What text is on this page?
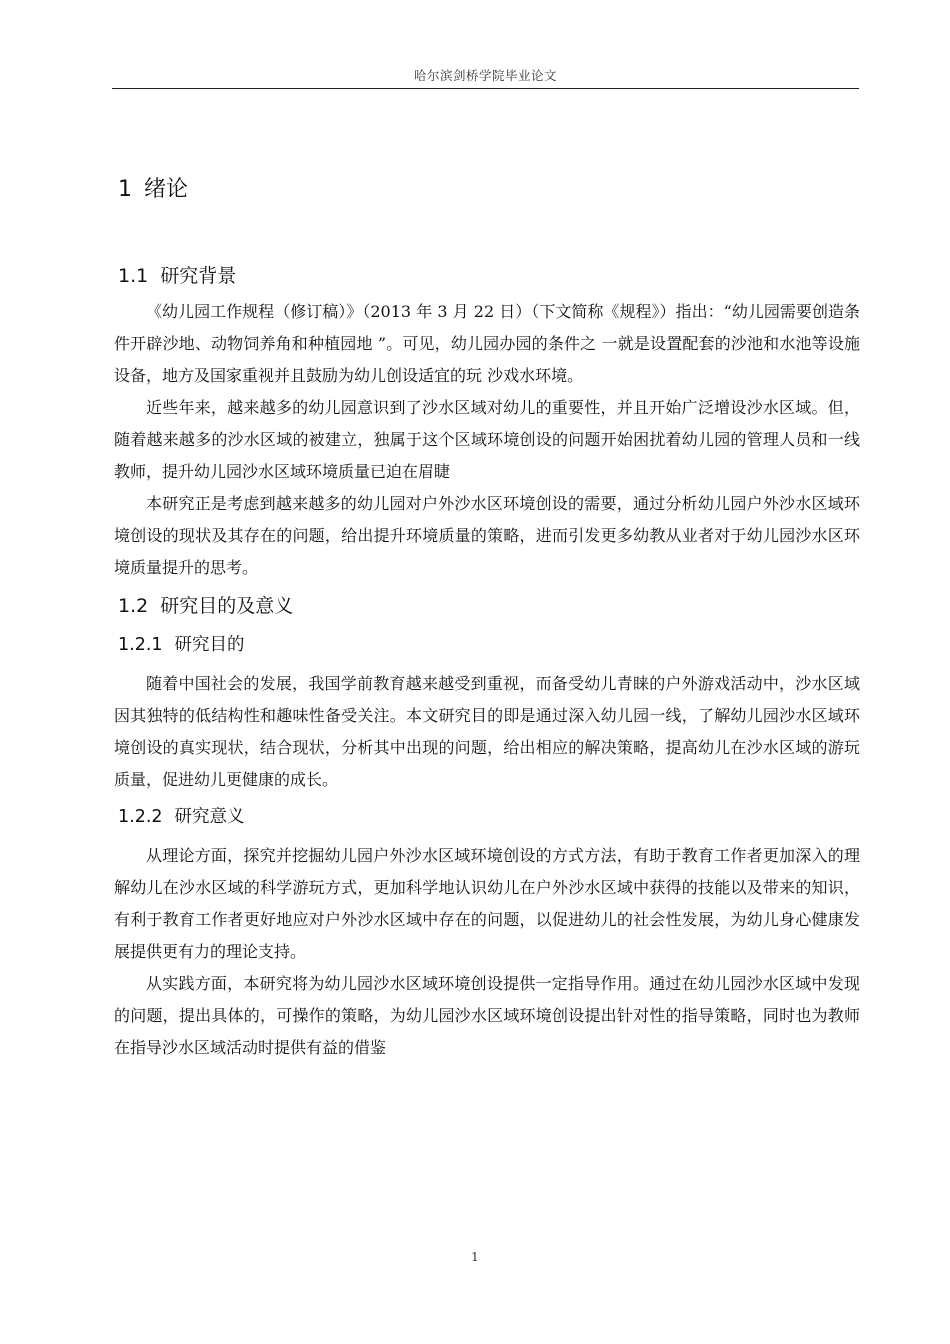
哈尔滨剑桥学院毕业论文
1 绪论
1.1 研究背景

《幼儿园工作规程（修订稿）》（2013 年 3 月 22 日）（下文简称《规程》）指出：“幼儿园需要创造条件开辟沙地、动物饲养角和种植园地 ”。可见，幼儿园办园的条件之 一就是设置配套的沙池和水池等设施设备，地方及国家重视并且鼓励为幼儿创设适宜的玩 沙戏水环境。

近些年来，越来越多的幼儿园意识到了沙水区域对幼儿的重要性，并且开始广泛增设沙水区域。但，随着越来越多的沙水区域的被建立，独属于这个区域环境创设的问题开始困扰着幼儿园的管理人员和一线教师，提升幼儿园沙水区域环境质量已迫在眉睫

本研究正是考虑到越来越多的幼儿园对户外沙水区环境创设的需要，通过分析幼儿园户外沙水区域环境创设的现状及其存在的问题，给出提升环境质量的策略，进而引发更多幼教从业者对于幼儿园沙水区环境质量提升的思考。

1.2 研究目的及意义
1.2.1 研究目的

随着中国社会的发展，我国学前教育越来越受到重视，而备受幼儿青睐的户外游戏活动中，沙水区域因其独特的低结构性和趣味性备受关注。本文研究目的即是通过深入幼儿园一线，了解幼儿园沙水区域环境创设的真实现状，结合现状，分析其中出现的问题，给出相应的解决策略，提高幼儿在沙水区域的游玩质量，促进幼儿更健康的成长。

1.2.2 研究意义

从理论方面，探究并挖掘幼儿园户外沙水区域环境创设的方式方法，有助于教育工作者更加深入的理解幼儿在沙水区域的科学游玩方式，更加科学地认识幼儿在户外沙水区域中获得的技能以及带来的知识，有利于教育工作者更好地应对户外沙水区域中存在的问题，以促进幼儿的社会性发展，为幼儿身心健康发展提供更有力的理论支持。

从实践方面，本研究将为幼儿园沙水区域环境创设提供一定指导作用。通过在幼儿园沙水区域中发现的问题，提出具体的，可操作的策略，为幼儿园沙水区域环境创设提出针对性的指导策略，同时也为教师在指导沙水区域活动时提供有益的借鉴

1
